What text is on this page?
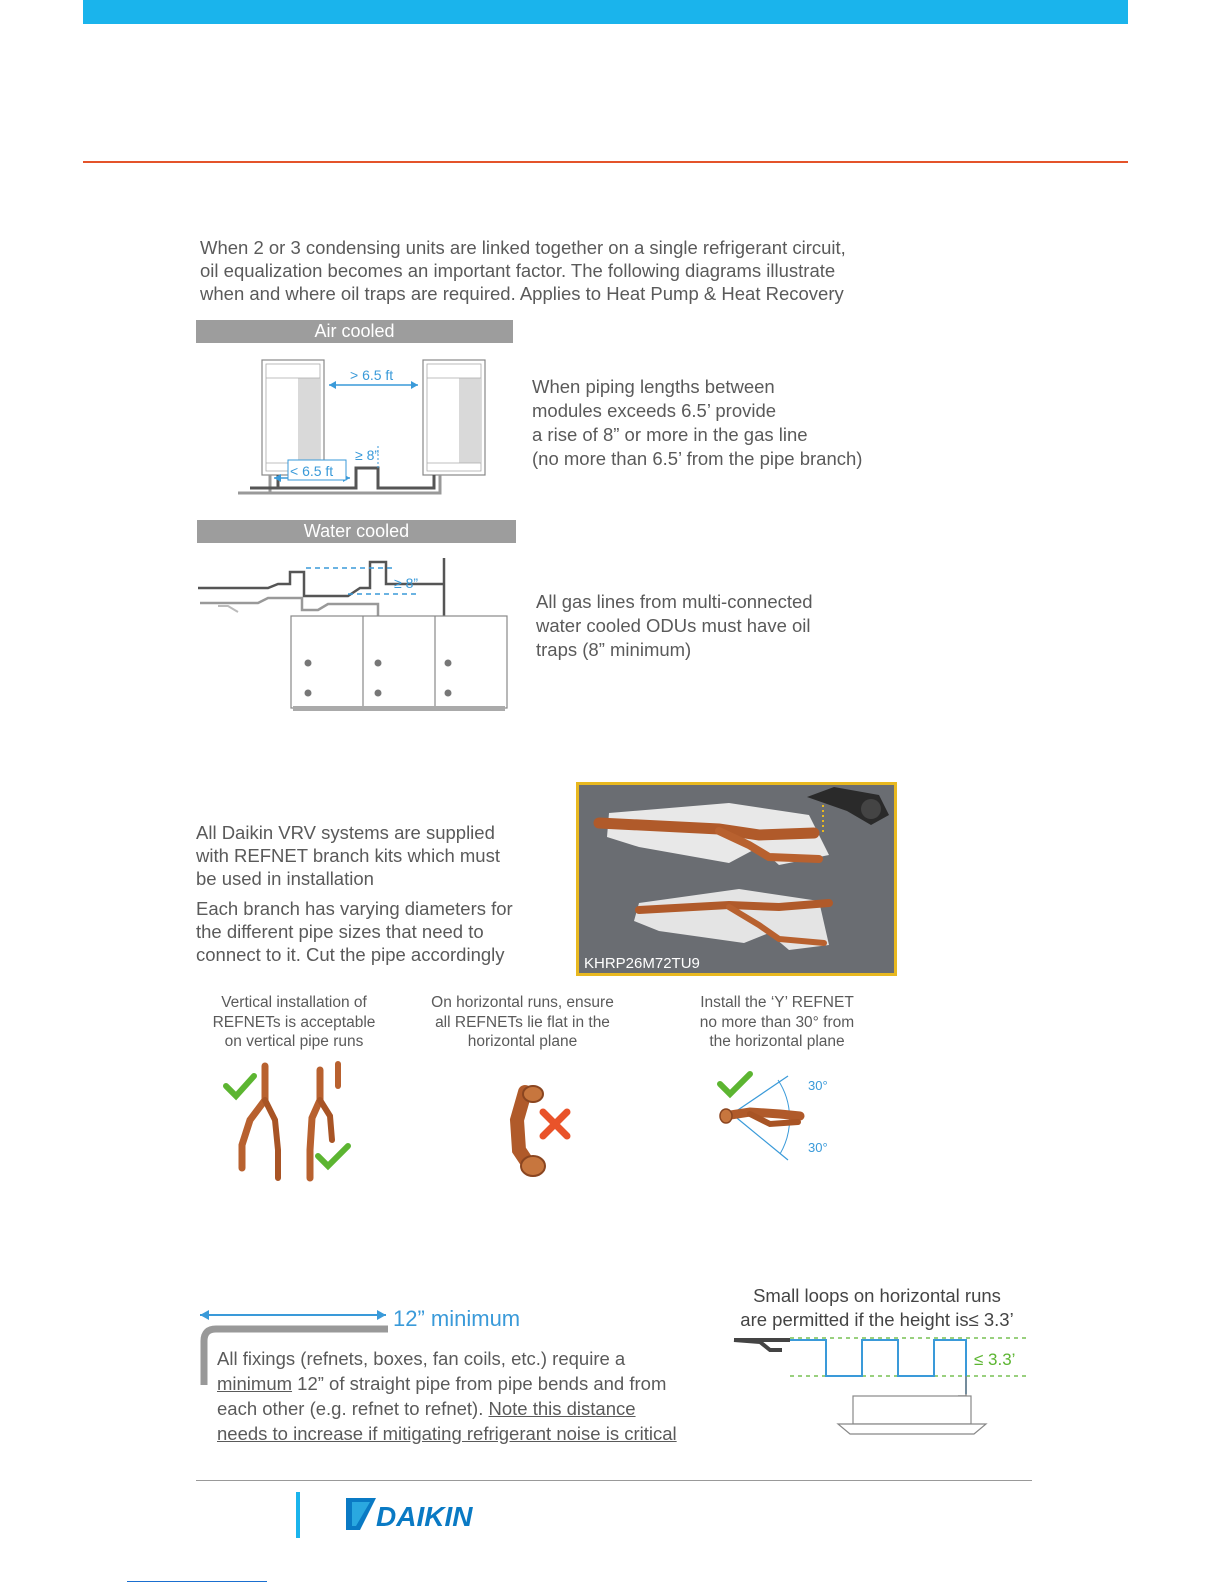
When 2 or 3 condensing units are linked together on a single refrigerant circuit,

oil equalization becomes an important factor. The following diagrams illustrate

when and where oil traps are required. Applies to Heat Pump & Heat Recovery

Air cooled
> 6.5 ft
< 6.5 ft
≥ 8”

When piping lengths between

modules exceeds 6.5’ provide

a rise of 8” or more in the gas line

(no more than 6.5’ from the pipe branch)

Water cooled
≥ 8”

All gas lines from multi-connected

water cooled ODUs must have oil

traps (8” minimum)

All Daikin VRV systems are supplied

with REFNET branch kits which must

be used in installation

Each branch has varying diameters for

the different pipe sizes that need to

connect to it. Cut the pipe accordingly	KHRP26M72TU9
Vertical installation of
REFNETs is acceptable
on vertical pipe runs
On horizontal runs, ensure
all REFNETs lie flat in the
horizontal plane
Install the ‘Y’ REFNET
no more than 30° from
the horizontal plane
30°
30°
12” minimum
All fixings (refnets, boxes, fan coils, etc.) require a
minimum 12” of straight pipe from pipe bends and from
each other (e.g. refnet to refnet). Note this distance
needs to increase if mitigating refrigerant noise is critical
Small loops on horizontal runs
are permitted if the height is≤ 3.3’
≤ 3.3’
DAIKIN
